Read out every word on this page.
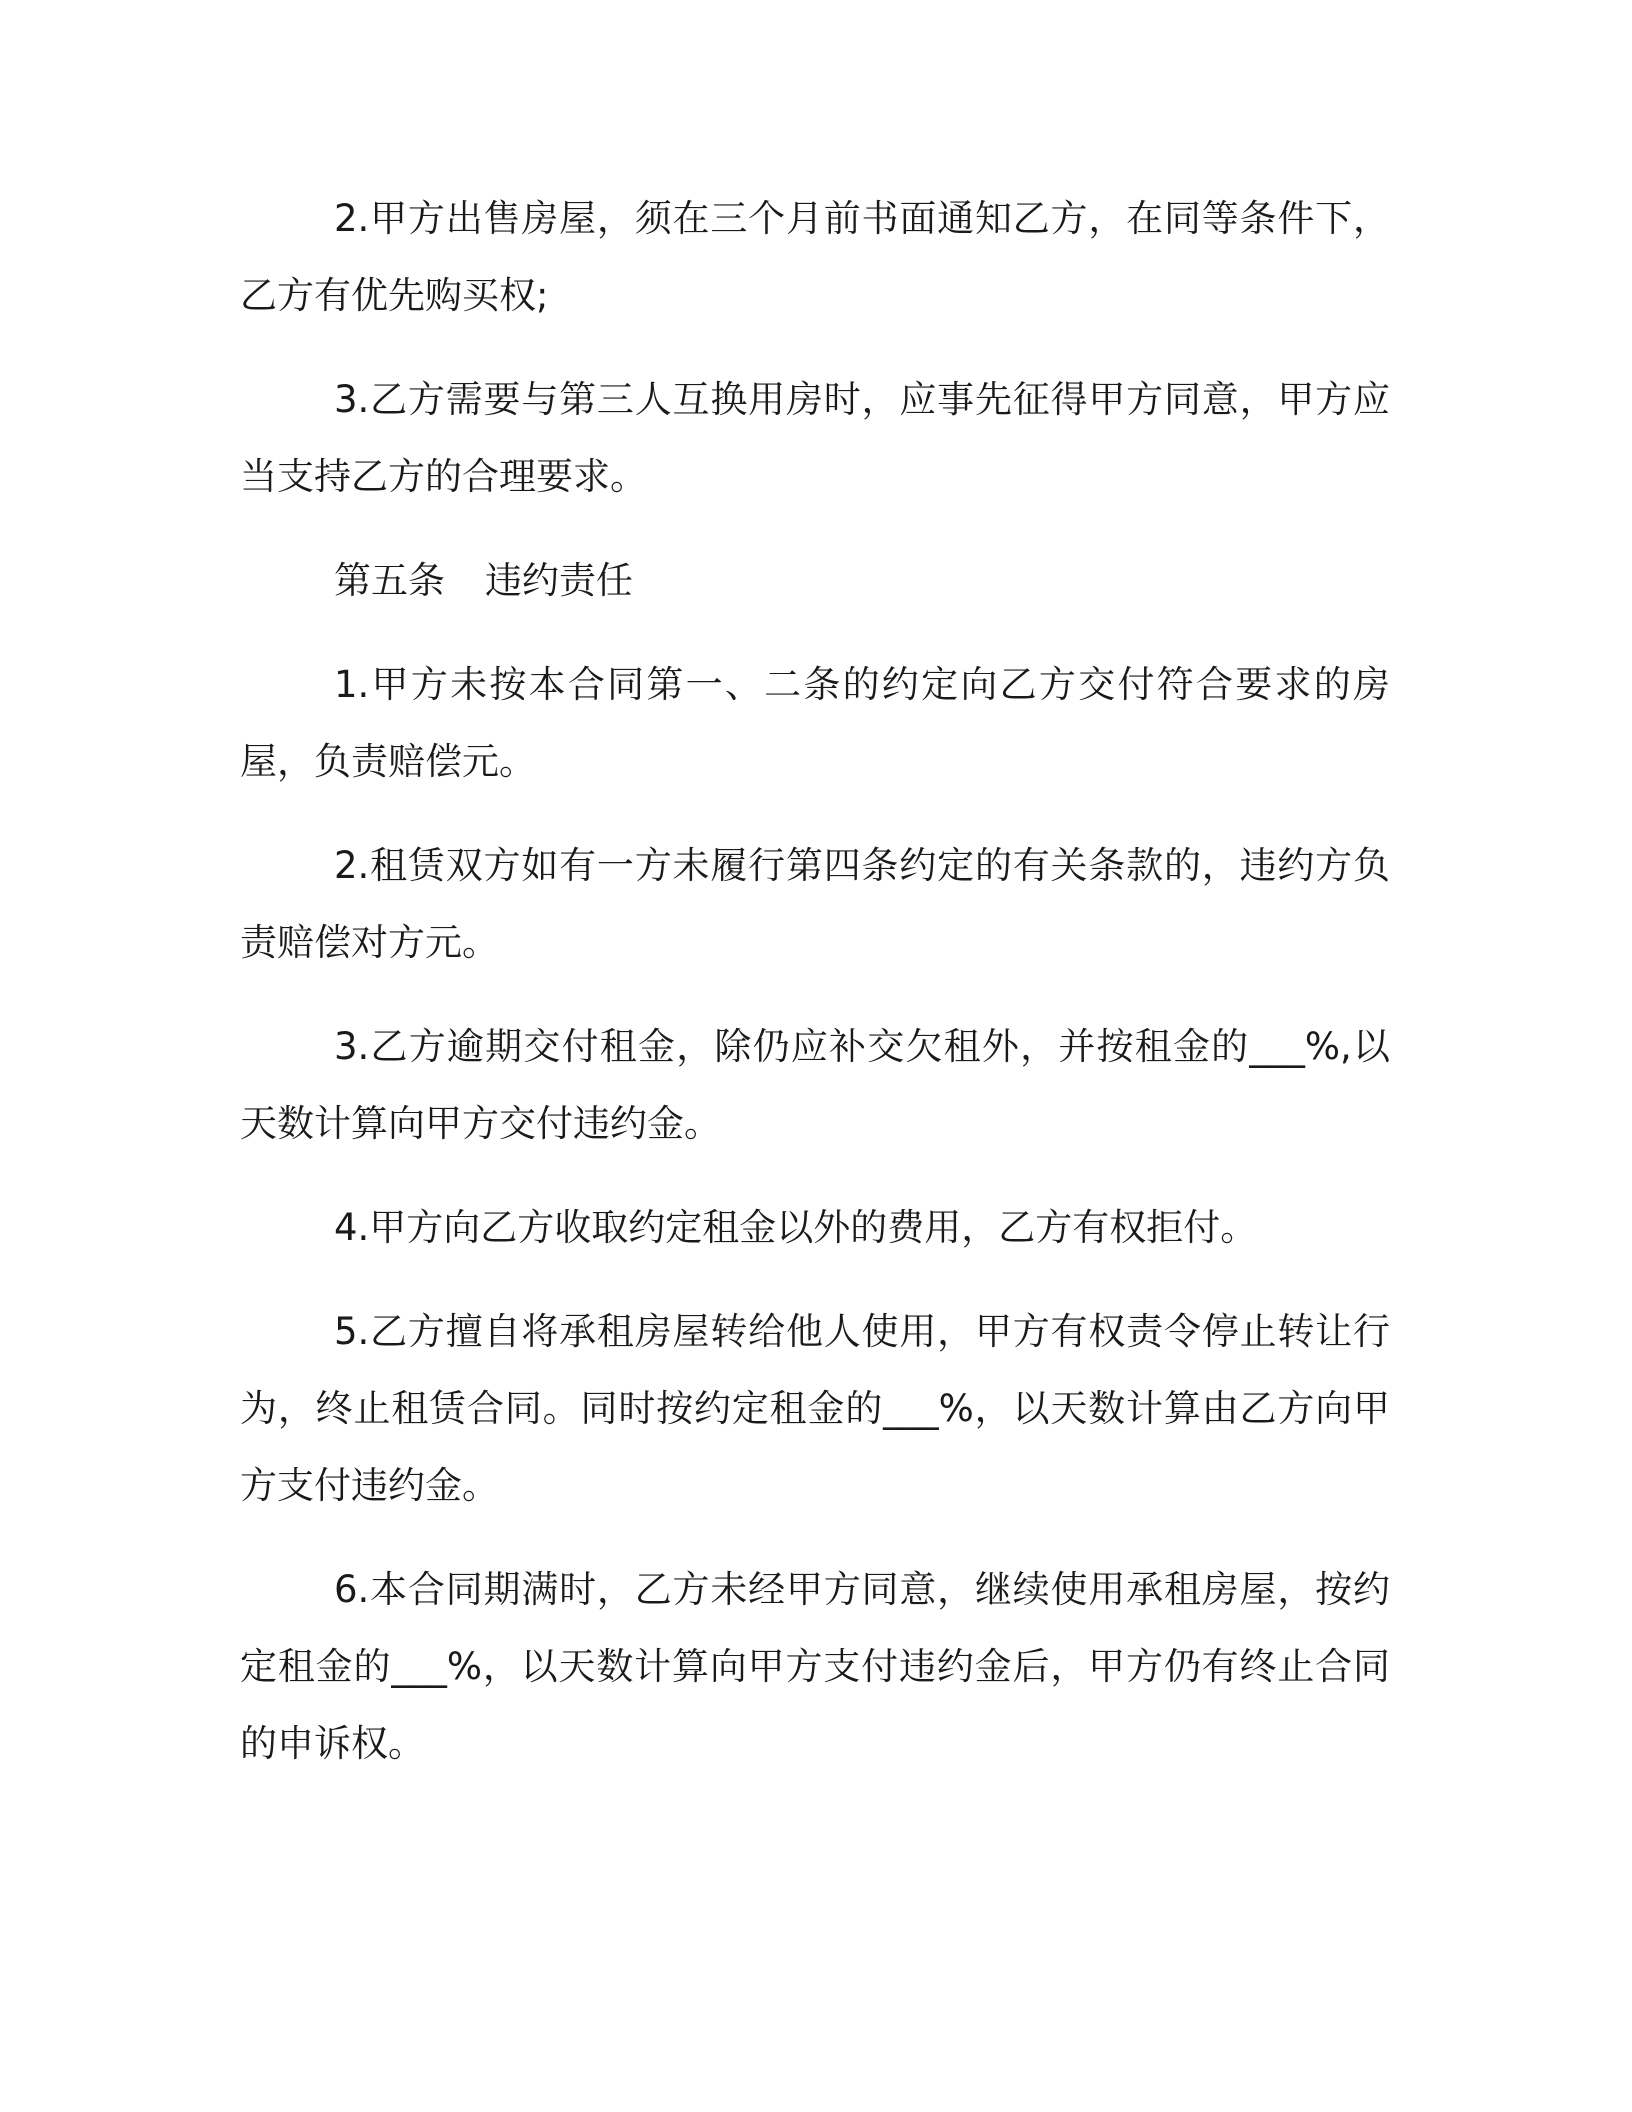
2.甲方出售房屋，须在三个月前书面通知乙方，在同等条件下，乙方有优先购买权;

3.乙方需要与第三人互换用房时，应事先征得甲方同意，甲方应当支持乙方的合理要求。

第五条 违约责任

1.甲方未按本合同第一、二条的约定向乙方交付符合要求的房屋，负责赔偿元。

2.租赁双方如有一方未履行第四条约定的有关条款的，违约方负责赔偿对方元。

3.乙方逾期交付租金，除仍应补交欠租外，并按租金的___%,以天数计算向甲方交付违约金。

4.甲方向乙方收取约定租金以外的费用，乙方有权拒付。

5.乙方擅自将承租房屋转给他人使用，甲方有权责令停止转让行为，终止租赁合同。同时按约定租金的___%，以天数计算由乙方向甲方支付违约金。

6.本合同期满时，乙方未经甲方同意，继续使用承租房屋，按约定租金的___%，以天数计算向甲方支付违约金后，甲方仍有终止合同的申诉权。
